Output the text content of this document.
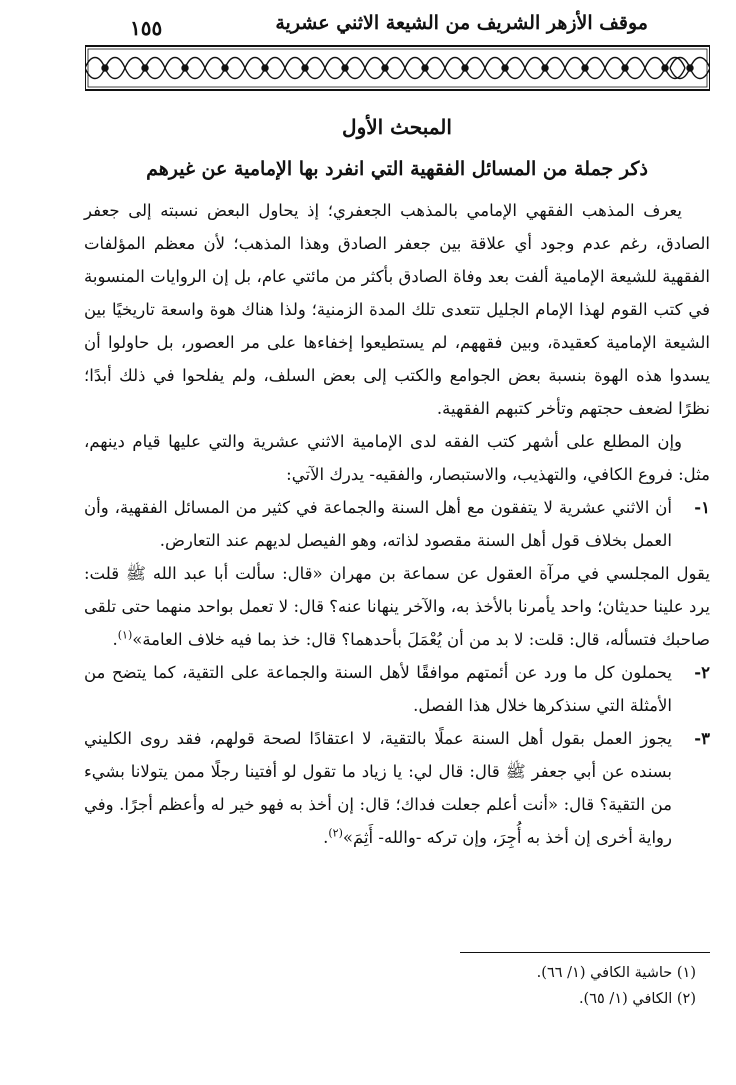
موقف الأزهر الشريف من الشيعة الاثني عشرية
١٥٥
المبحث الأول
ذكر جملة من المسائل الفقهية التي انفرد بها الإمامية عن غيرهم

يعرف المذهب الفقهي الإمامي بالمذهب الجعفري؛ إذ يحاول البعض نسبته إلى جعفر الصادق، رغم عدم وجود أي علاقة بين جعفر الصادق وهذا المذهب؛ لأن معظم المؤلفات الفقهية للشيعة الإمامية ألفت بعد وفاة الصادق بأكثر من مائتي عام، بل إن الروايات المنسوبة في كتب القوم لهذا الإمام الجليل تتعدى تلك المدة الزمنية؛ ولذا هناك هوة واسعة تاريخيًا بين الشيعة الإمامية كعقيدة، وبين فقههم، لم يستطيعوا إخفاءها على مر العصور، بل حاولوا أن يسدوا هذه الهوة بنسبة بعض الجوامع والكتب إلى بعض السلف، ولم يفلحوا في ذلك أبدًا؛ نظرًا لضعف حجتهم وتأخر كتبهم الفقهية.

وإن المطلع على أشهر كتب الفقه لدى الإمامية الاثني عشرية والتي عليها قيام دينهم، مثل: فروع الكافي، والتهذيب، والاستبصار، والفقيه- يدرك الآتي:

١-
أن الاثني عشرية لا يتفقون مع أهل السنة والجماعة في كثير من المسائل الفقهية، وأن العمل بخلاف قول أهل السنة مقصود لذاته، وهو الفيصل لديهم عند التعارض.

يقول المجلسي في مرآة العقول عن سماعة بن مهران «قال: سألت أبا عبد الله ﷺ قلت: يرد علينا حديثان؛ واحد يأمرنا بالأخذ به، والآخر ينهانا عنه؟ قال: لا تعمل بواحد منهما حتى تلقى صاحبك فتسأله، قال: قلت: لا بد من أن يُعْمَلَ بأحدهما؟ قال: خذ بما فيه خلاف العامة»$^{(١)}$.

٢-
يحملون كل ما ورد عن أئمتهم موافقًا لأهل السنة والجماعة على التقية، كما يتضح من الأمثلة التي سنذكرها خلال هذا الفصل.
٣-
يجوز العمل بقول أهل السنة عملًا بالتقية، لا اعتقادًا لصحة قولهم، فقد روى الكليني بسنده عن أبي جعفر ﷺ قال: قال لي: يا زياد ما تقول لو أفتينا رجلًا ممن يتولانا بشيء من التقية؟ قال: «أنت أعلم جعلت فداك؛ قال: إن أخذ به فهو خير له وأعظم أجرًا. وفي رواية أخرى إن أخذ به أُجِرَ، وإن تركه -والله- أَثِمَ»$^{(٢)}$.
(١) حاشية الكافي (١/ ٦٦).
(٢) الكافي (١/ ٦٥).
